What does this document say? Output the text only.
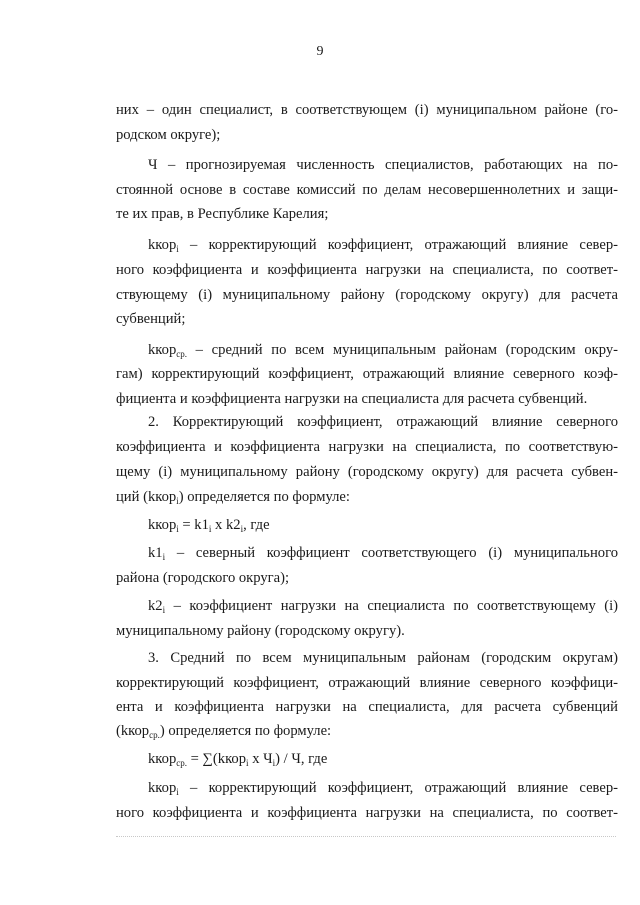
9
них – один специалист, в соответствующем (i) муниципальном районе (го-
родском округе);
Ч – прогнозируемая численность специалистов, работающих на по-
стоянной основе в составе комиссий по делам несовершеннолетних и защи-
те их прав, в Республике Карелия;
kкор$_i$ – корректирующий коэффициент, отражающий влияние север-
ного коэффициента и коэффициента нагрузки на специалиста, по соответ-
ствующему (i) муниципальному району (городскому округу) для расчета
субвенций;
kкор$_{ср.}$ – средний по всем муниципальным районам (городским окру-
гам) корректирующий коэффициент, отражающий влияние северного коэф-
фициента и коэффициента нагрузки на специалиста для расчета субвенций.
2. Корректирующий коэффициент, отражающий влияние северного
коэффициента и коэффициента нагрузки на специалиста, по соответствую-
щему (i) муниципальному району (городскому округу) для расчета субвен-
ций (kкор$_i$) определяется по формуле:
kкор$_i$ = $k1_i$ x $k2_i$, где
$k1_i$ – северный коэффициент соответствующего (i) муниципального
района (городского округа);
$k2_i$ – коэффициент нагрузки на специалиста по соответствующему (i)
муниципальному району (городскому округу).
3. Средний по всем муниципальным районам (городским округам)
корректирующий коэффициент, отражающий влияние северного коэффици-
ента и коэффициента нагрузки на специалиста, для расчета субвенций
(kкор$_{ср.}$) определяется по формуле:
kкор$_{ср.}$ = ∑(kкор$_i$ x $Ч_i$) / Ч, где
kкор$_i$ – корректирующий коэффициент, отражающий влияние север-
ного коэффициента и коэффициента нагрузки на специалиста, по соответ-
